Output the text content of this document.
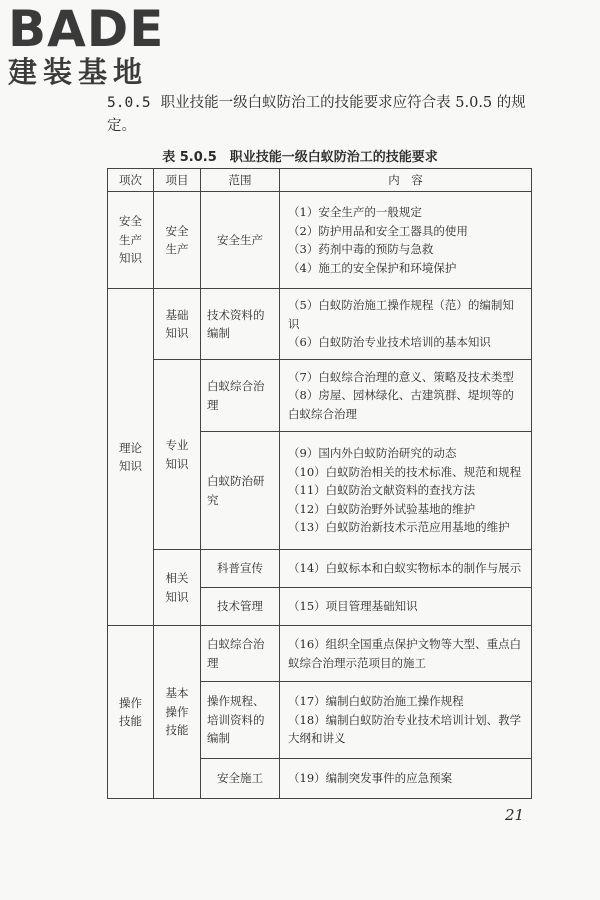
BADE
建装基地
5.0.5 职业技能一级白蚁防治工的技能要求应符合表 5.0.5 的规定。
表 5.0.5　职业技能一级白蚁防治工的技能要求
项次	项目	范围	内　容
安全生产知识	安全生产	安全生产	（1）安全生产的一般规定
（2）防护用品和安全工器具的使用
（3）药剂中毒的预防与急救
（4）施工的安全保护和环境保护

理论知识	基础知识	技术资料的编制	（5）白蚁防治施工操作规程（范）的编制知识
（6）白蚁防治专业技术培训的基本知识

	专业知识	白蚁综合治理	（7）白蚁综合治理的意义、策略及技术类型
（8）房屋、园林绿化、古建筑群、堤坝等的白蚁综合治理

		白蚁防治研究	（9）国内外白蚁防治研究的动态
（10）白蚁防治相关的技术标准、规范和规程
（11）白蚁防治文献资料的查找方法
（12）白蚁防治野外试验基地的维护
（13）白蚁防治新技术示范应用基地的维护

	相关知识	科普宣传	（14）白蚁标本和白蚁实物标本的制作与展示

		技术管理	（15）项目管理基础知识

操作技能	基本操作技能	白蚁综合治理	（16）组织全国重点保护文物等大型、重点白蚁综合治理示范项目的施工

		操作规程、培训资料的编制	（17）编制白蚁防治施工操作规程
（18）编制白蚁防治专业技术培训计划、教学大纲和讲义

		安全施工	（19）编制突发事件的应急预案
21
